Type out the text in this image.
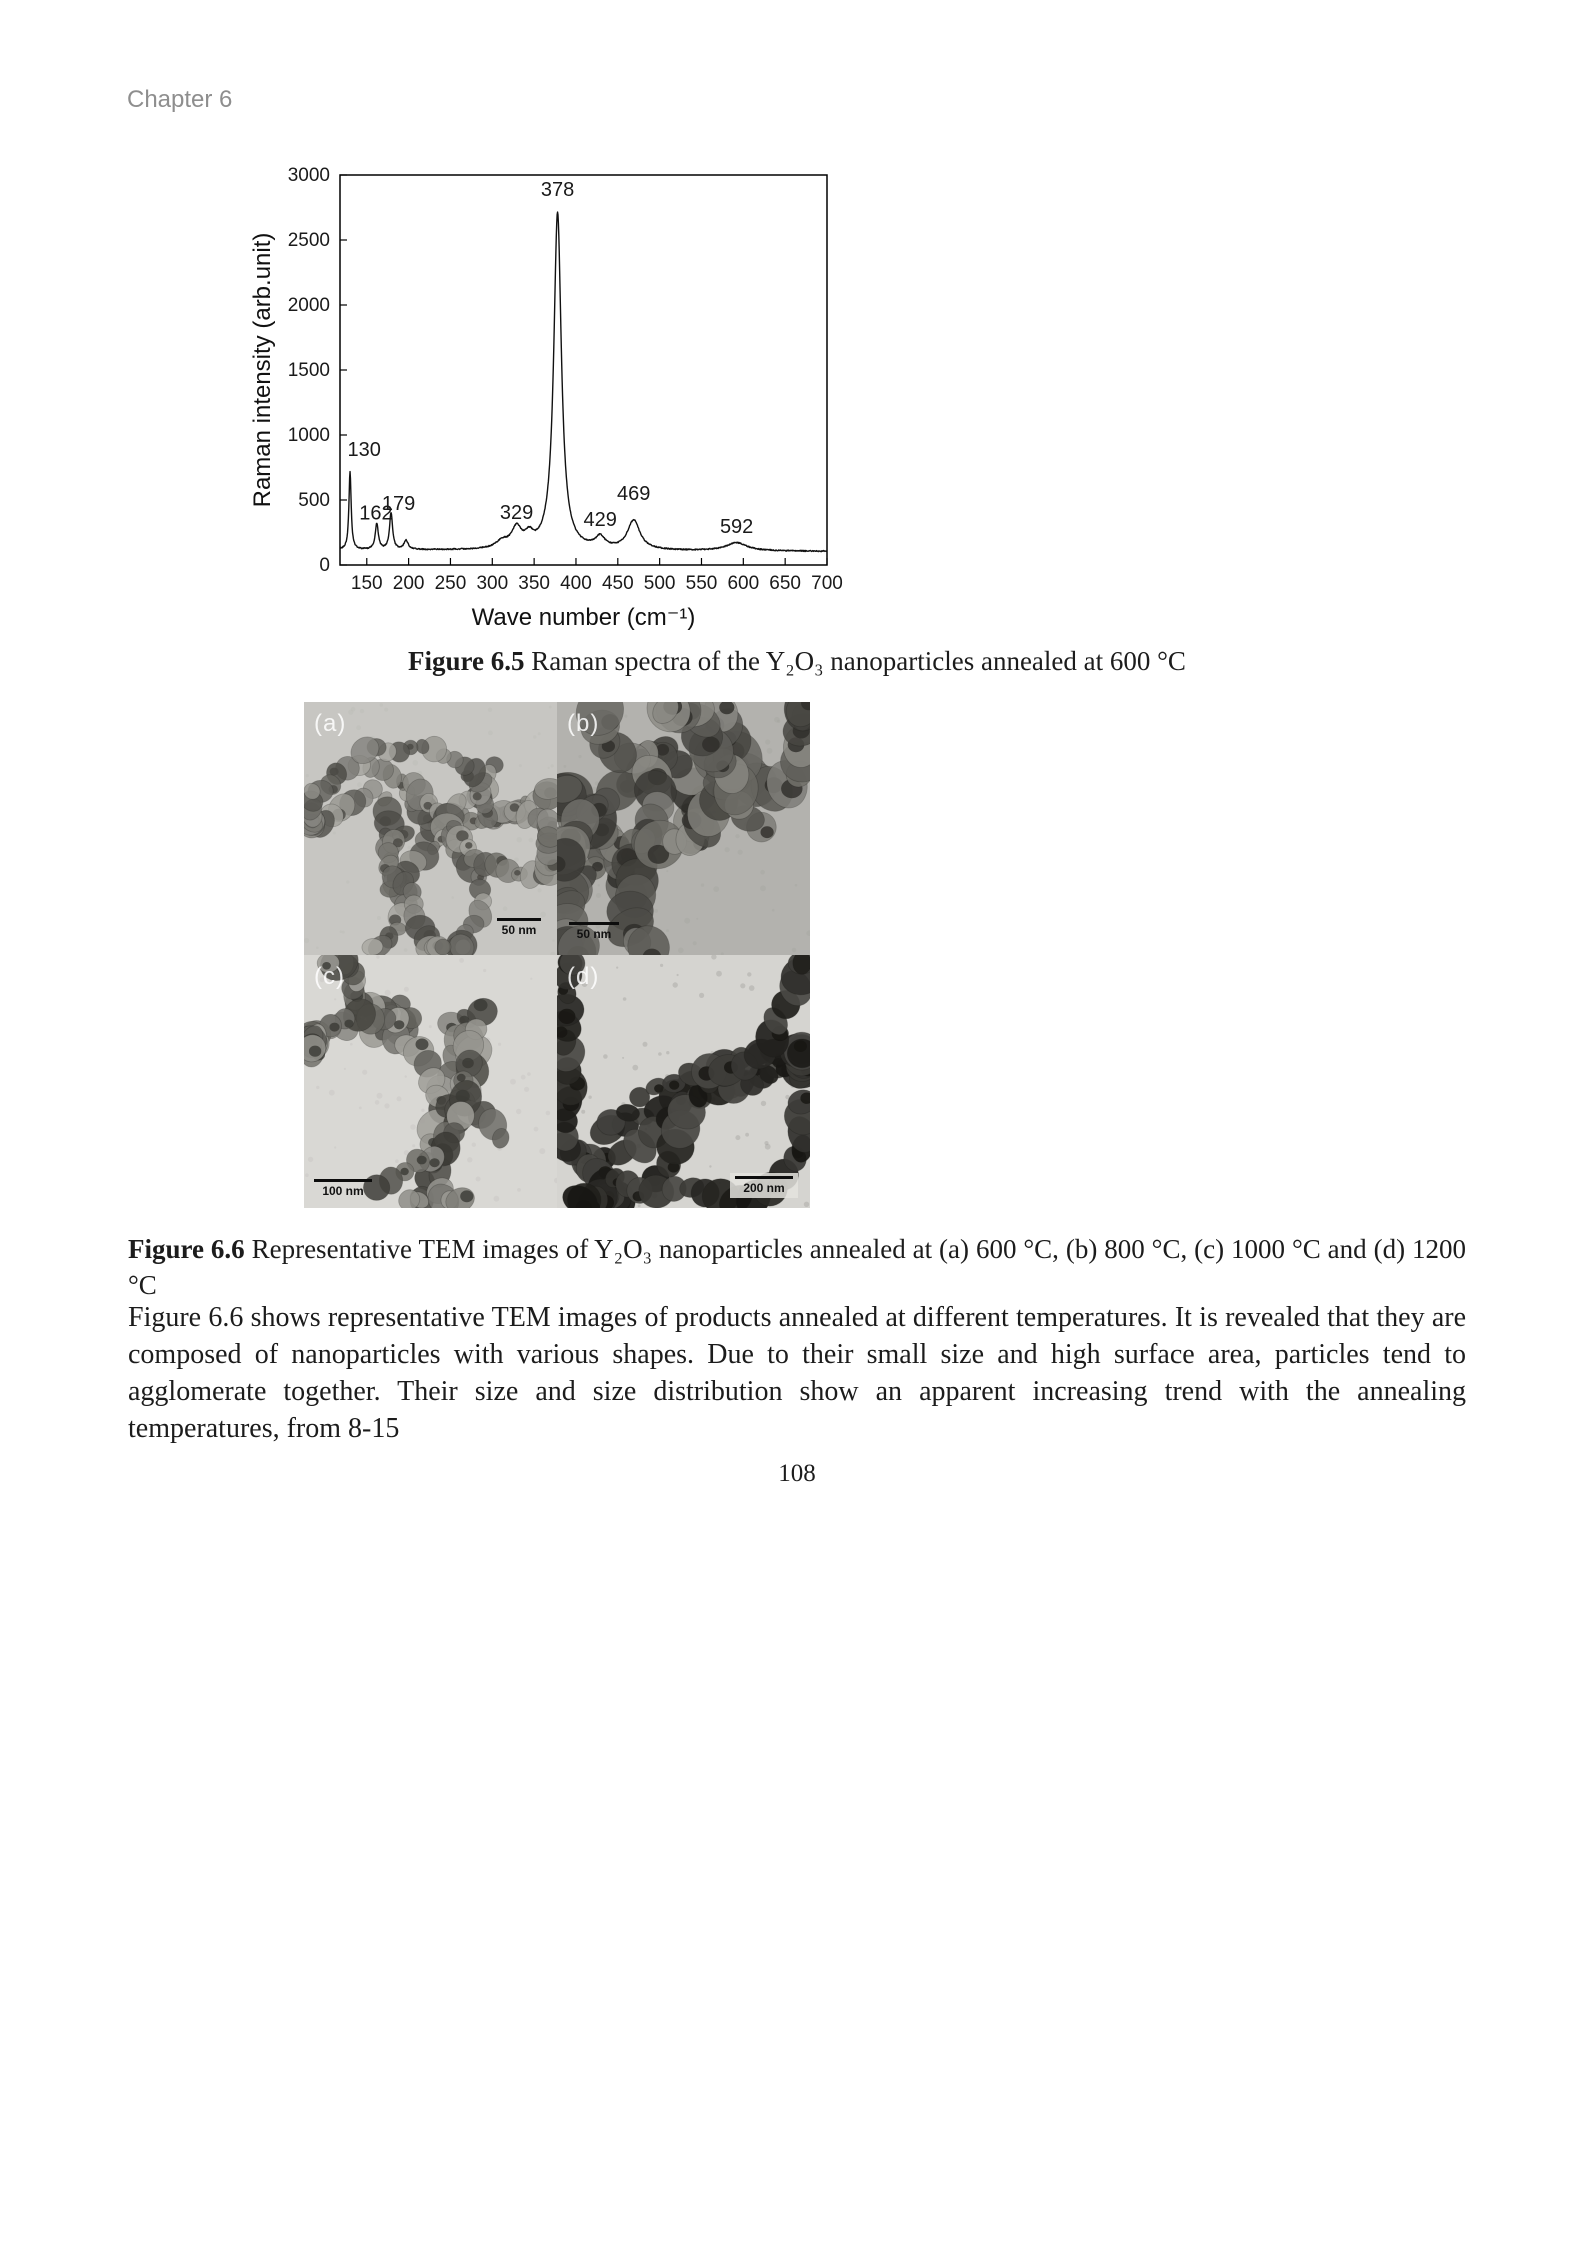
Chapter 6
150 200 250 300 350 400 450 500 550 600 650 700
0
500
1000
1500
2000
2500
3000
378
130
162
179	329	429
469
592
Wave number (cm⁻¹)
Raman intensity (arb.unit)
Figure 6.5 Raman spectra of the Y₂O₃ nanoparticles annealed at 600 °C
(a)
50 nm
(b)
50 nm
(c)
100 nm
(d)
200 nm
Figure 6.6 Representative TEM images of Y₂O₃ nanoparticles annealed at (a) 600 °C, (b) 800 °C, (c) 1000 °C and (d) 1200 °C
Figure 6.6 shows representative TEM images of products annealed at different temperatures. It is revealed that they are composed of nanoparticles with various shapes. Due to their small size and high surface area, particles tend to agglomerate together. Their size and size distribution show an apparent increasing trend with the annealing temperatures, from 8-15
108
